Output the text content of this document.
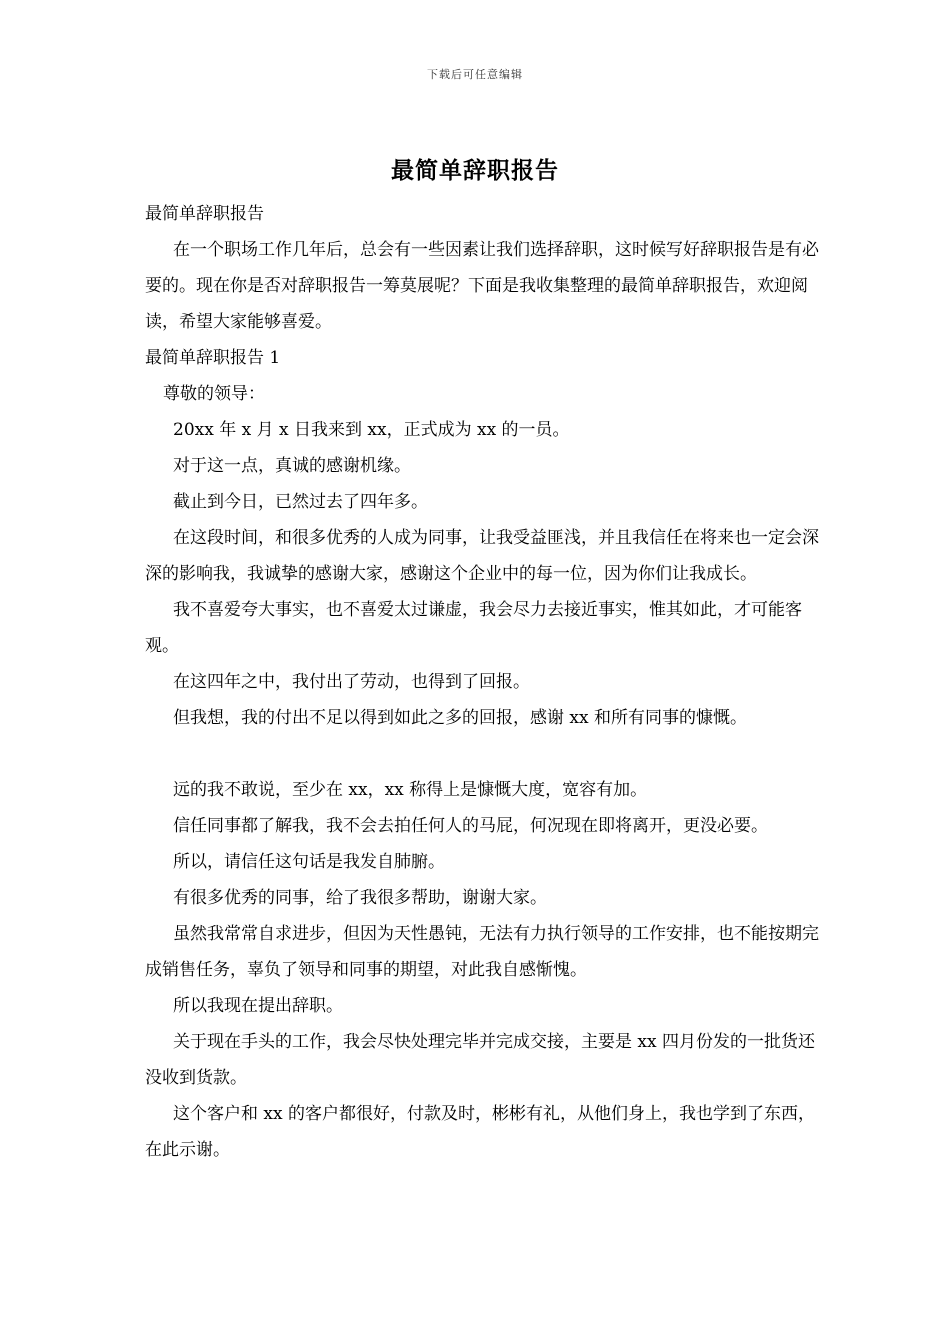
下载后可任意编辑
最简单辞职报告

最简单辞职报告

在一个职场工作几年后，总会有一些因素让我们选择辞职，这时候写好辞职报告是有必要的。现在你是否对辞职报告一筹莫展呢？下面是我收集整理的最简单辞职报告，欢迎阅读，希望大家能够喜爱。

最简单辞职报告 1

尊敬的领导：

20xx 年 x 月 x 日我来到 xx，正式成为 xx 的一员。

对于这一点，真诚的感谢机缘。

截止到今日，已然过去了四年多。

在这段时间，和很多优秀的人成为同事，让我受益匪浅，并且我信任在将来也一定会深深的影响我，我诚挚的感谢大家，感谢这个企业中的每一位，因为你们让我成长。

我不喜爱夸大事实，也不喜爱太过谦虚，我会尽力去接近事实，惟其如此，才可能客观。

在这四年之中，我付出了劳动，也得到了回报。

但我想，我的付出不足以得到如此之多的回报，感谢 xx 和所有同事的慷慨。

远的我不敢说，至少在 xx，xx 称得上是慷慨大度，宽容有加。

信任同事都了解我，我不会去拍任何人的马屁，何况现在即将离开，更没必要。

所以，请信任这句话是我发自肺腑。

有很多优秀的同事，给了我很多帮助，谢谢大家。

虽然我常常自求进步，但因为天性愚钝，无法有力执行领导的工作安排，也不能按期完成销售任务，辜负了领导和同事的期望，对此我自感惭愧。

所以我现在提出辞职。

关于现在手头的工作，我会尽快处理完毕并完成交接，主要是 xx 四月份发的一批货还没收到货款。

这个客户和 xx 的客户都很好，付款及时，彬彬有礼，从他们身上，我也学到了东西，在此示谢。
